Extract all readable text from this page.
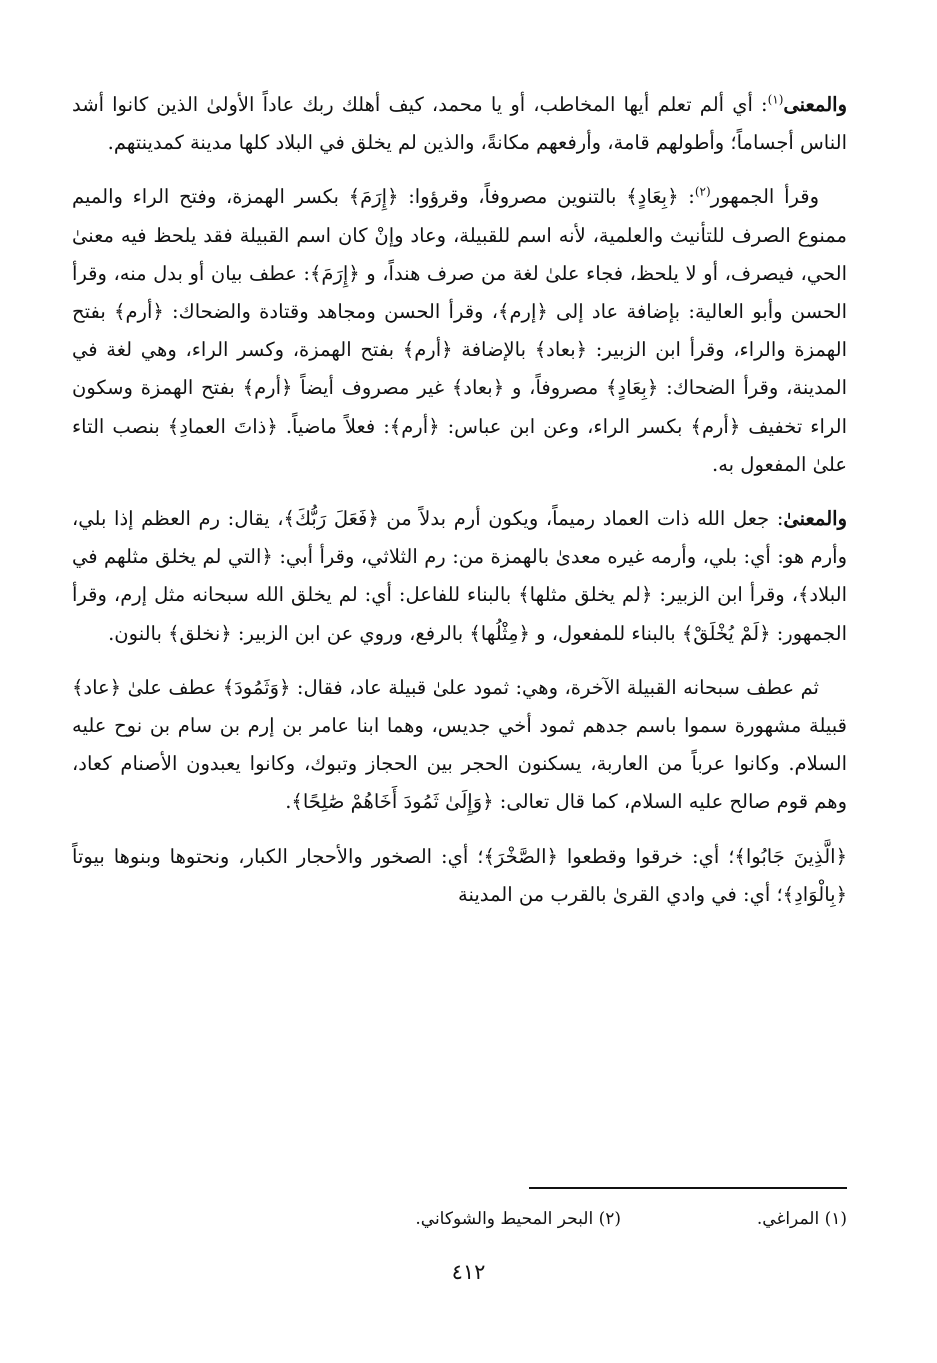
والمعنى$^{(١)}$: أي ألم تعلم أيها المخاطب، أو يا محمد، كيف أهلك ربك عاداً الأولىٰ الذين كانوا أشد الناس أجساماً؛ وأطولهم قامة، وأرفعهم مكانةً، والذين لم يخلق في البلاد كلها مدينة كمدينتهم.

وقرأ الجمهور$^{(٢)}$: ﴿بِعَادٍ﴾ بالتنوين مصروفاً، وقرؤوا: ﴿إِرَمَ﴾ بكسر الهمزة، وفتح الراء والميم ممنوع الصرف للتأنيث والعلمية، لأنه اسم للقبيلة، وعاد وإنْ كان اسم القبيلة فقد يلحظ فيه معنىٰ الحي، فيصرف، أو لا يلحظ، فجاء علىٰ لغة من صرف هنداً، و ﴿إِرَمَ﴾: عطف بيان أو بدل منه، وقرأ الحسن وأبو العالية: بإضافة عاد إلى ﴿إرم﴾، وقرأ الحسن ومجاهد وقتادة والضحاك: ﴿أرم﴾ بفتح الهمزة والراء، وقرأ ابن الزبير: ﴿بعاد﴾ بالإضافة ﴿أرم﴾ بفتح الهمزة، وكسر الراء، وهي لغة في المدينة، وقرأ الضحاك: ﴿بِعَادٍ﴾ مصروفاً، و ﴿بعاد﴾ غير مصروف أيضاً ﴿أرم﴾ بفتح الهمزة وسكون الراء تخفيف ﴿أرم﴾ بكسر الراء، وعن ابن عباس: ﴿أرم﴾: فعلاً ماضياً. ﴿ذاتَ العمادِ﴾ بنصب التاء علىٰ المفعول به.

والمعنىٰ: جعل الله ذات العماد رميماً، ويكون أرم بدلاً من ﴿فَعَلَ رَبُّكَ﴾، يقال: رم العظم إذا بلي، وأرم هو: أي: بلي، وأرمه غيره معدىٰ بالهمزة من: رم الثلاثي، وقرأ أبي: ﴿التي لم يخلق مثلهم في البلاد﴾، وقرأ ابن الزبير: ﴿لم يخلق مثلها﴾ بالبناء للفاعل: أي: لم يخلق الله سبحانه مثل إرم، وقرأ الجمهور: ﴿لَمْ يُخْلَقْ﴾ بالبناء للمفعول، و ﴿مِثْلُها﴾ بالرفع، وروي عن ابن الزبير: ﴿نخلق﴾ بالنون.

ثم عطف سبحانه القبيلة الآخرة، وهي: ثمود علىٰ قبيلة عاد، فقال: ﴿وَثَمُودَ﴾ عطف علىٰ ﴿عاد﴾ قبيلة مشهورة سموا باسم جدهم ثمود أخي جديس، وهما ابنا عامر بن إرم بن سام بن نوح عليه السلام. وكانوا عرباً من العاربة، يسكنون الحجر بين الحجاز وتبوك، وكانوا يعبدون الأصنام كعاد، وهم قوم صالح عليه السلام، كما قال تعالى: ﴿وَإِلَىٰ ثَمُودَ أَخَاهُمْ صَٰلِحًا﴾.

﴿الَّذِينَ جَابُوا﴾؛ أي: خرقوا وقطعوا ﴿الصَّخْرَ﴾؛ أي: الصخور والأحجار الكبار، ونحتوها وبنوها بيوتاً ﴿بِالْوَادِ﴾؛ أي: في وادي القرىٰ بالقرب من المدينة

(١) المراغي.
(٢) البحر المحيط والشوكاني.
٤١٢
